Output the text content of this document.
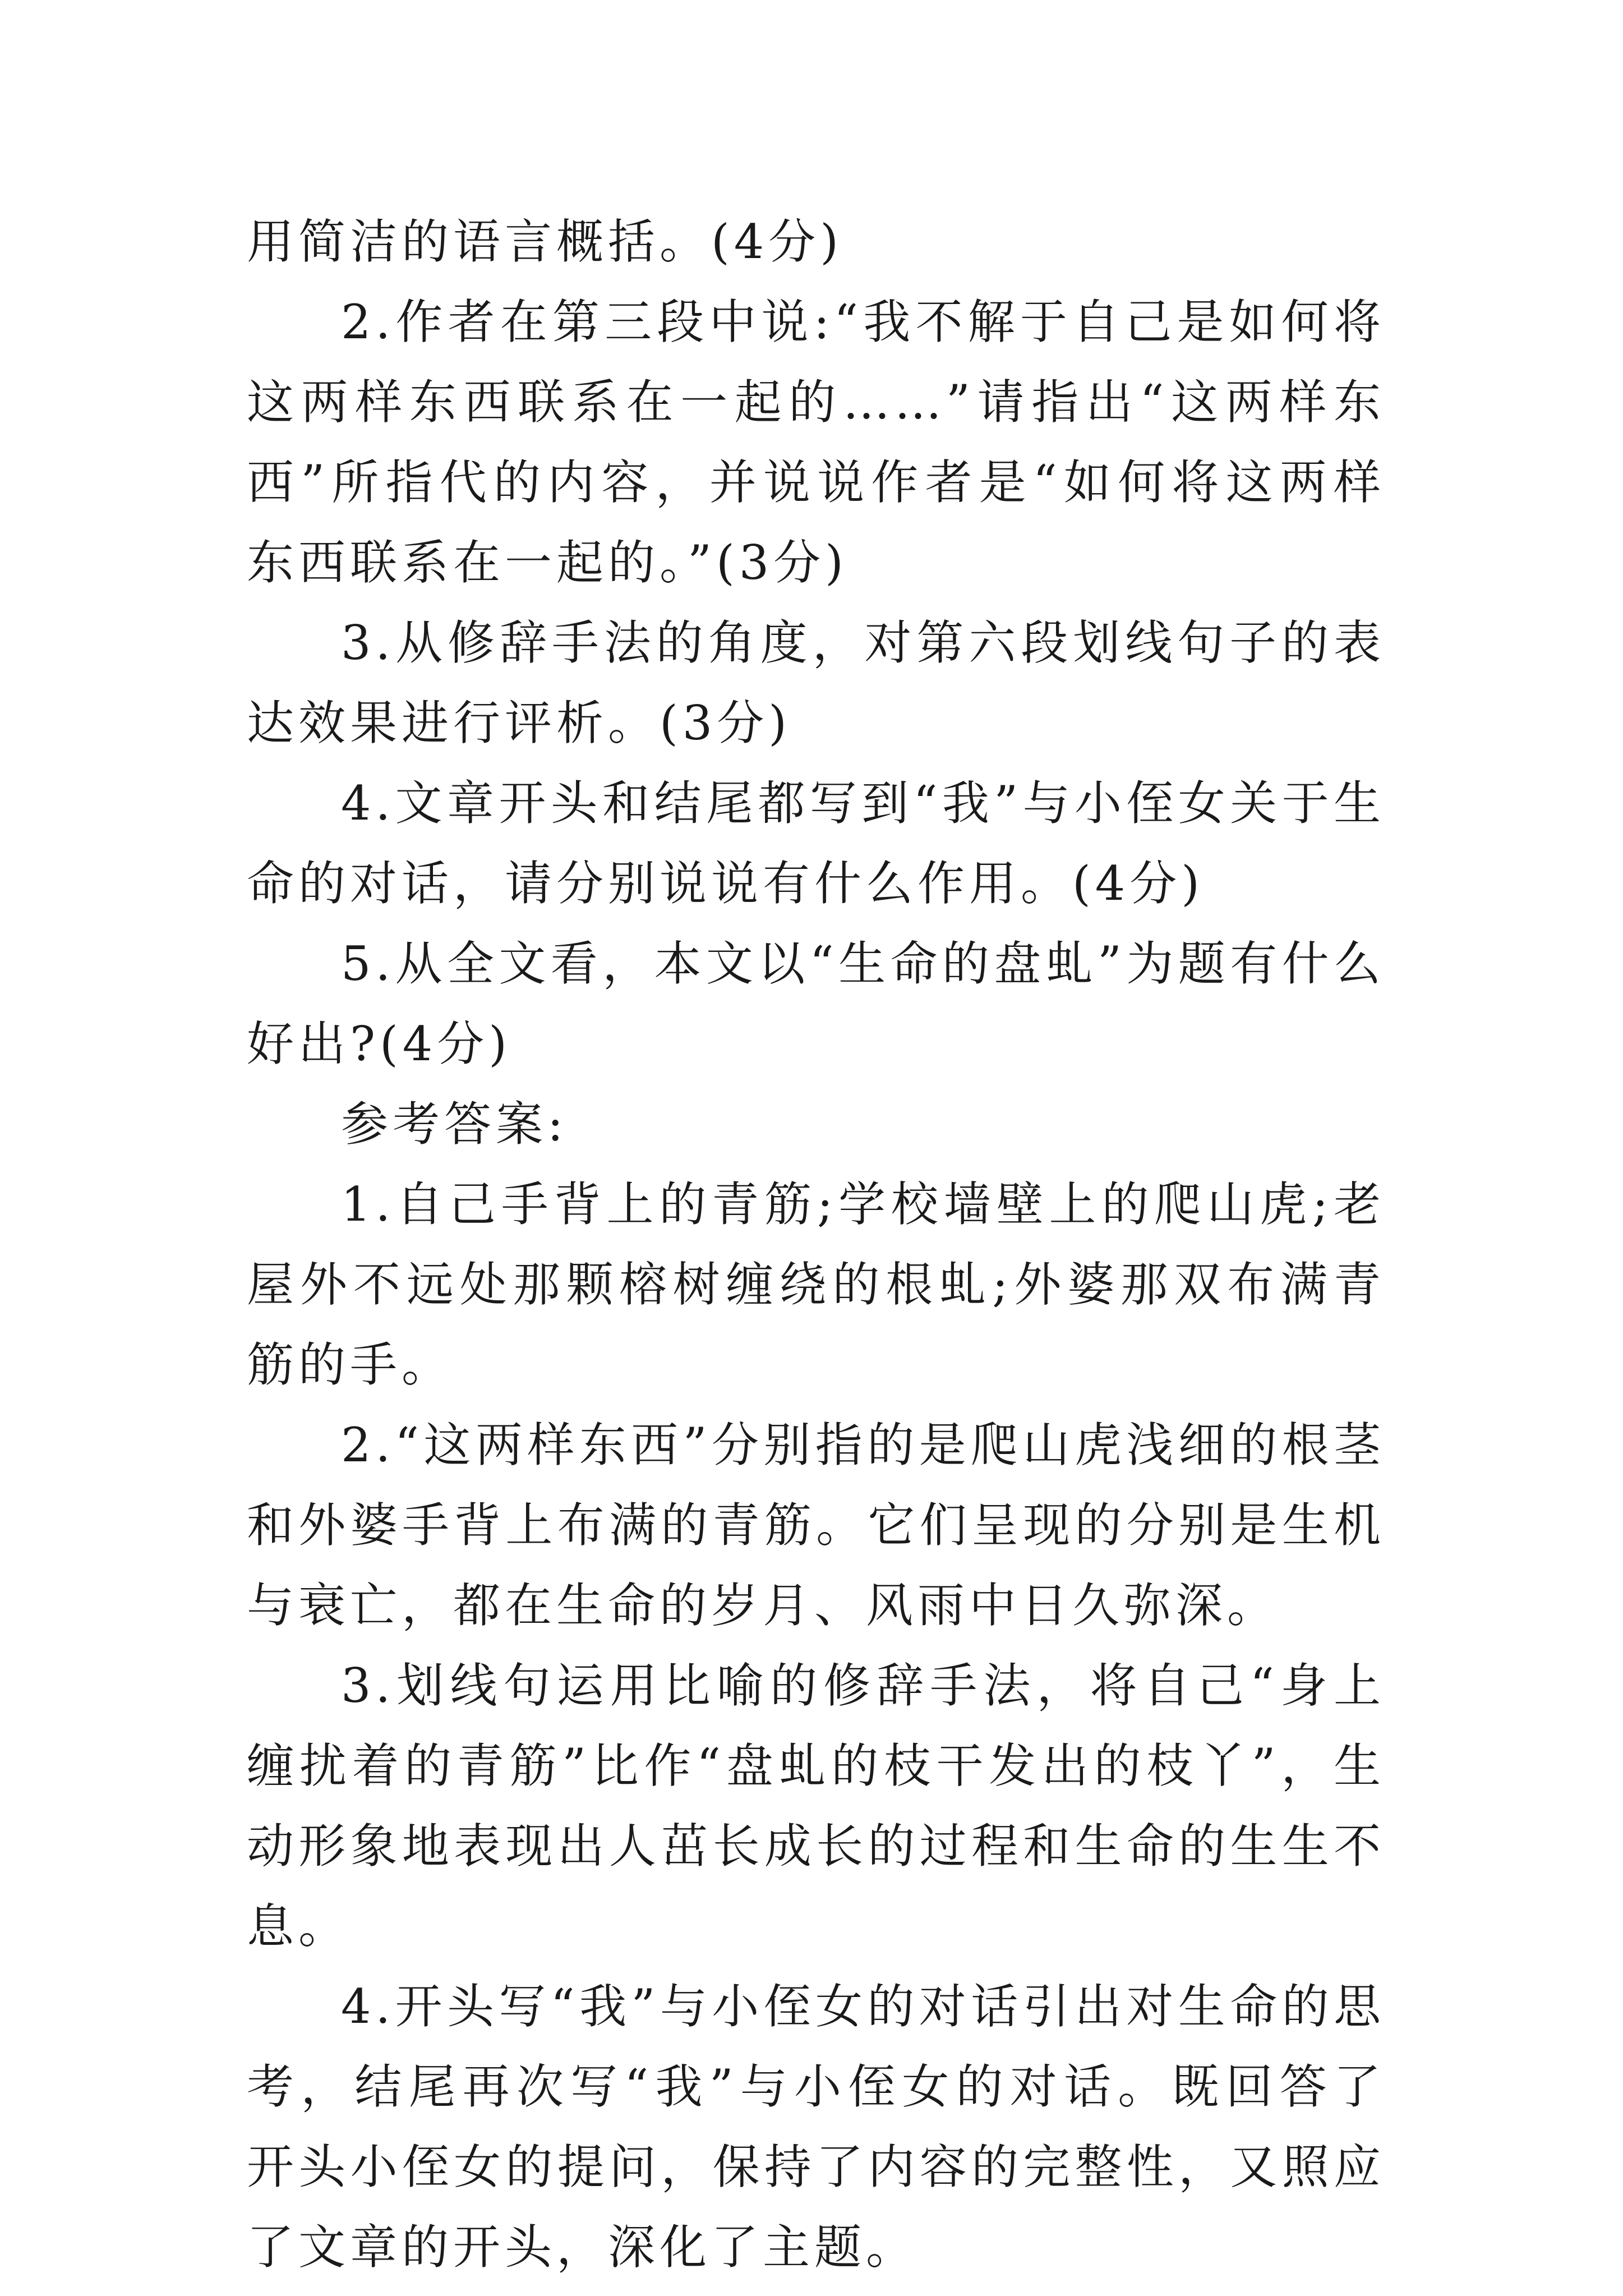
用简洁的语言概括。(4分)

2.作者在第三段中说:“我不解于自己是如何将这两样东西联系在一起的……”请指出“这两样东西”所指代的内容，并说说作者是“如何将这两样东西联系在一起的。”(3分)

3.从修辞手法的角度，对第六段划线句子的表达效果进行评析。(3分)

4.文章开头和结尾都写到“我”与小侄女关于生命的对话，请分别说说有什么作用。(4分)

5.从全文看，本文以“生命的盘虬”为题有什么好出?(4分)

参考答案:

1.自己手背上的青筋;学校墙壁上的爬山虎;老屋外不远处那颗榕树缠绕的根虬;外婆那双布满青筋的手。

2.“这两样东西”分别指的是爬山虎浅细的根茎和外婆手背上布满的青筋。它们呈现的分别是生机与衰亡，都在生命的岁月、风雨中日久弥深。

3.划线句运用比喻的修辞手法，将自己“身上缠扰着的青筋”比作“盘虬的枝干发出的枝丫”，生动形象地表现出人茁长成长的过程和生命的生生不息。

4.开头写“我”与小侄女的对话引出对生命的思考，结尾再次写“我”与小侄女的对话。既回答了开头小侄女的提问，保持了内容的完整性，又照应了文章的开头，深化了主题。
